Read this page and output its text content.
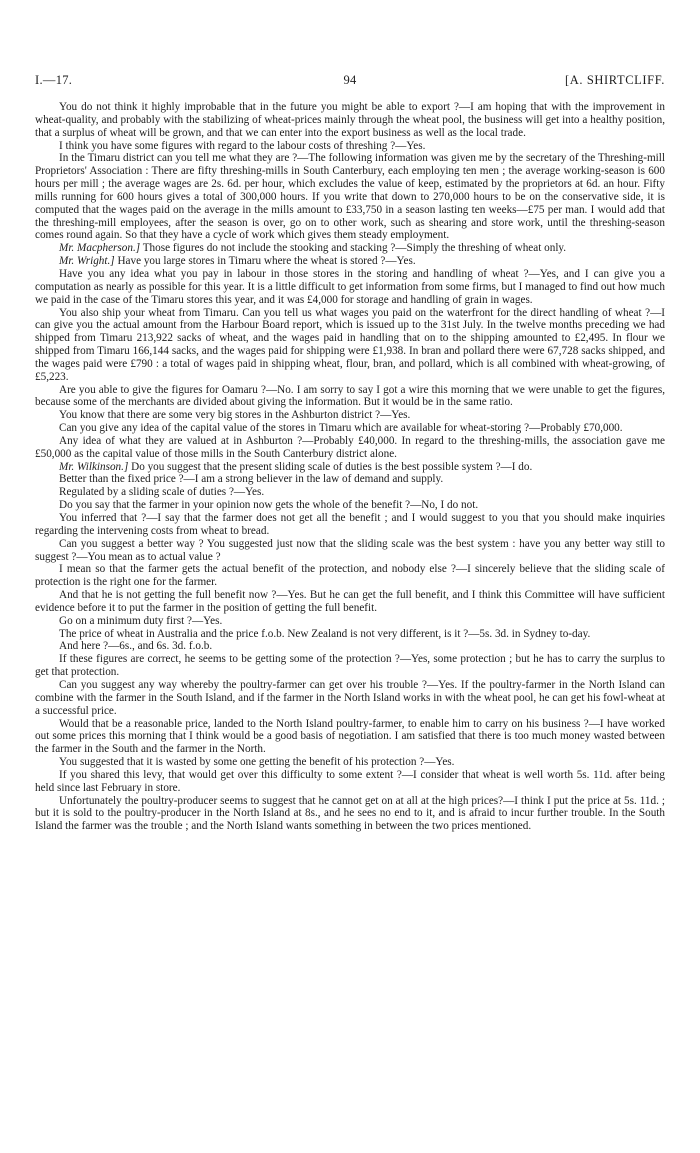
I.—17.	94	[A. SHIRTCLIFF.

You do not think it highly improbable that in the future you might be able to export ?—I am hoping that with the improvement in wheat-quality, and probably with the stabilizing of wheat-prices mainly through the wheat pool, the business will get into a healthy position, that a surplus of wheat will be grown, and that we can enter into the export business as well as the local trade.

I think you have some figures with regard to the labour costs of threshing ?—Yes.

In the Timaru district can you tell me what they are ?—The following information was given me by the secretary of the Threshing-mill Proprietors' Association : There are fifty threshing-mills in South Canterbury, each employing ten men ; the average working-season is 600 hours per mill ; the average wages are 2s. 6d. per hour, which excludes the value of keep, estimated by the proprietors at 6d. an hour. Fifty mills running for 600 hours gives a total of 300,000 hours. If you write that down to 270,000 hours to be on the conservative side, it is computed that the wages paid on the average in the mills amount to £33,750 in a season lasting ten weeks—£75 per man. I would add that the threshing-mill employees, after the season is over, go on to other work, such as shearing and store work, until the threshing-season comes round again. So that they have a cycle of work which gives them steady employment.

Mr. Macpherson.] Those figures do not include the stooking and stacking ?—Simply the threshing of wheat only.

Mr. Wright.] Have you large stores in Timaru where the wheat is stored ?—Yes.

Have you any idea what you pay in labour in those stores in the storing and handling of wheat ?—Yes, and I can give you a computation as nearly as possible for this year. It is a little difficult to get information from some firms, but I managed to find out how much we paid in the case of the Timaru stores this year, and it was £4,000 for storage and handling of grain in wages.

You also ship your wheat from Timaru. Can you tell us what wages you paid on the waterfront for the direct handling of wheat ?—I can give you the actual amount from the Harbour Board report, which is issued up to the 31st July. In the twelve months preceding we had shipped from Timaru 213,922 sacks of wheat, and the wages paid in handling that on to the shipping amounted to £2,495. In flour we shipped from Timaru 166,144 sacks, and the wages paid for shipping were £1,938. In bran and pollard there were 67,728 sacks shipped, and the wages paid were £790 : a total of wages paid in shipping wheat, flour, bran, and pollard, which is all combined with wheat-growing, of £5,223.

Are you able to give the figures for Oamaru ?—No. I am sorry to say I got a wire this morning that we were unable to get the figures, because some of the merchants are divided about giving the information. But it would be in the same ratio.

You know that there are some very big stores in the Ashburton district ?—Yes.

Can you give any idea of the capital value of the stores in Timaru which are available for wheat-storing ?—Probably £70,000.

Any idea of what they are valued at in Ashburton ?—Probably £40,000. In regard to the threshing-mills, the association gave me £50,000 as the capital value of those mills in the South Canterbury district alone.

Mr. Wilkinson.] Do you suggest that the present sliding scale of duties is the best possible system ?—I do.

Better than the fixed price ?—I am a strong believer in the law of demand and supply.

Regulated by a sliding scale of duties ?—Yes.

Do you say that the farmer in your opinion now gets the whole of the benefit ?—No, I do not.

You inferred that ?—I say that the farmer does not get all the benefit ; and I would suggest to you that you should make inquiries regarding the intervening costs from wheat to bread.

Can you suggest a better way ? You suggested just now that the sliding scale was the best system : have you any better way still to suggest ?—You mean as to actual value ?

I mean so that the farmer gets the actual benefit of the protection, and nobody else ?—I sincerely believe that the sliding scale of protection is the right one for the farmer.

And that he is not getting the full benefit now ?—Yes. But he can get the full benefit, and I think this Committee will have sufficient evidence before it to put the farmer in the position of getting the full benefit.

Go on a minimum duty first ?—Yes.

The price of wheat in Australia and the price f.o.b. New Zealand is not very different, is it ?—5s. 3d. in Sydney to-day.

And here ?—6s., and 6s. 3d. f.o.b.

If these figures are correct, he seems to be getting some of the protection ?—Yes, some protection ; but he has to carry the surplus to get that protection.

Can you suggest any way whereby the poultry-farmer can get over his trouble ?—Yes. If the poultry-farmer in the North Island can combine with the farmer in the South Island, and if the farmer in the North Island works in with the wheat pool, he can get his fowl-wheat at a successful price.

Would that be a reasonable price, landed to the North Island poultry-farmer, to enable him to carry on his business ?—I have worked out some prices this morning that I think would be a good basis of negotiation. I am satisfied that there is too much money wasted between the farmer in the South and the farmer in the North.

You suggested that it is wasted by some one getting the benefit of his protection ?—Yes.

If you shared this levy, that would get over this difficulty to some extent ?—I consider that wheat is well worth 5s. 11d. after being held since last February in store.

Unfortunately the poultry-producer seems to suggest that he cannot get on at all at the high prices?—I think I put the price at 5s. 11d. ; but it is sold to the poultry-producer in the North Island at 8s., and he sees no end to it, and is afraid to incur further trouble. In the South Island the farmer was the trouble ; and the North Island wants something in between the two prices mentioned.
